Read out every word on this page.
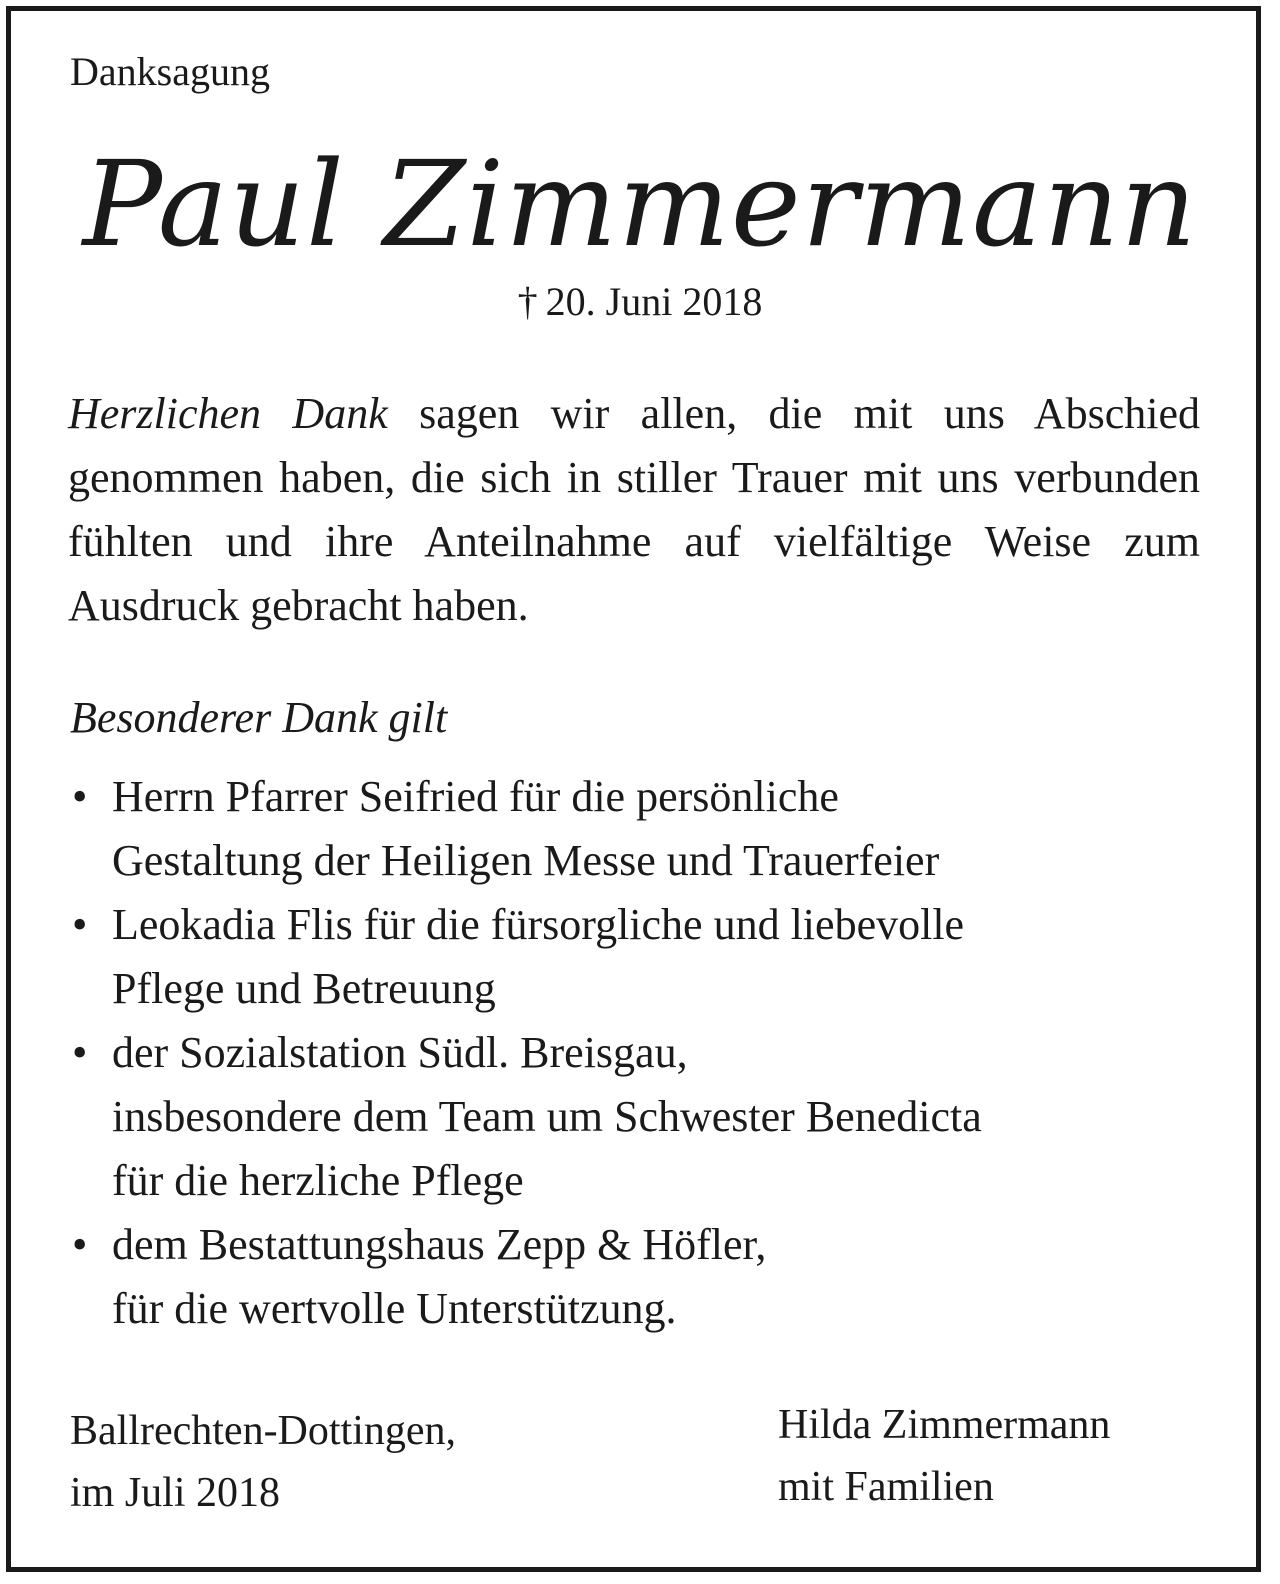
Danksagung
Paul Zimmermann
† 20. Juni 2018
Herzlichen Dank sagen wir allen, die mit uns Abschied genommen haben, die sich in stiller Trauer mit uns verbunden fühlten und ihre Anteilnahme auf vielfältige Weise zum Ausdruck gebracht haben.
Besonderer Dank gilt
• Herrn Pfarrer Seifried für die persönliche
Gestaltung der Heiligen Messe und Trauerfeier
• Leokadia Flis für die fürsorgliche und liebevolle
Pflege und Betreuung
• der Sozialstation Südl. Breisgau,
insbesondere dem Team um Schwester Benedicta
für die herzliche Pflege
• dem Bestattungshaus Zepp & Höfler,
für die wertvolle Unterstützung.
Ballrechten-Dottingen,
im Juli 2018
Hilda Zimmermann
mit Familien
